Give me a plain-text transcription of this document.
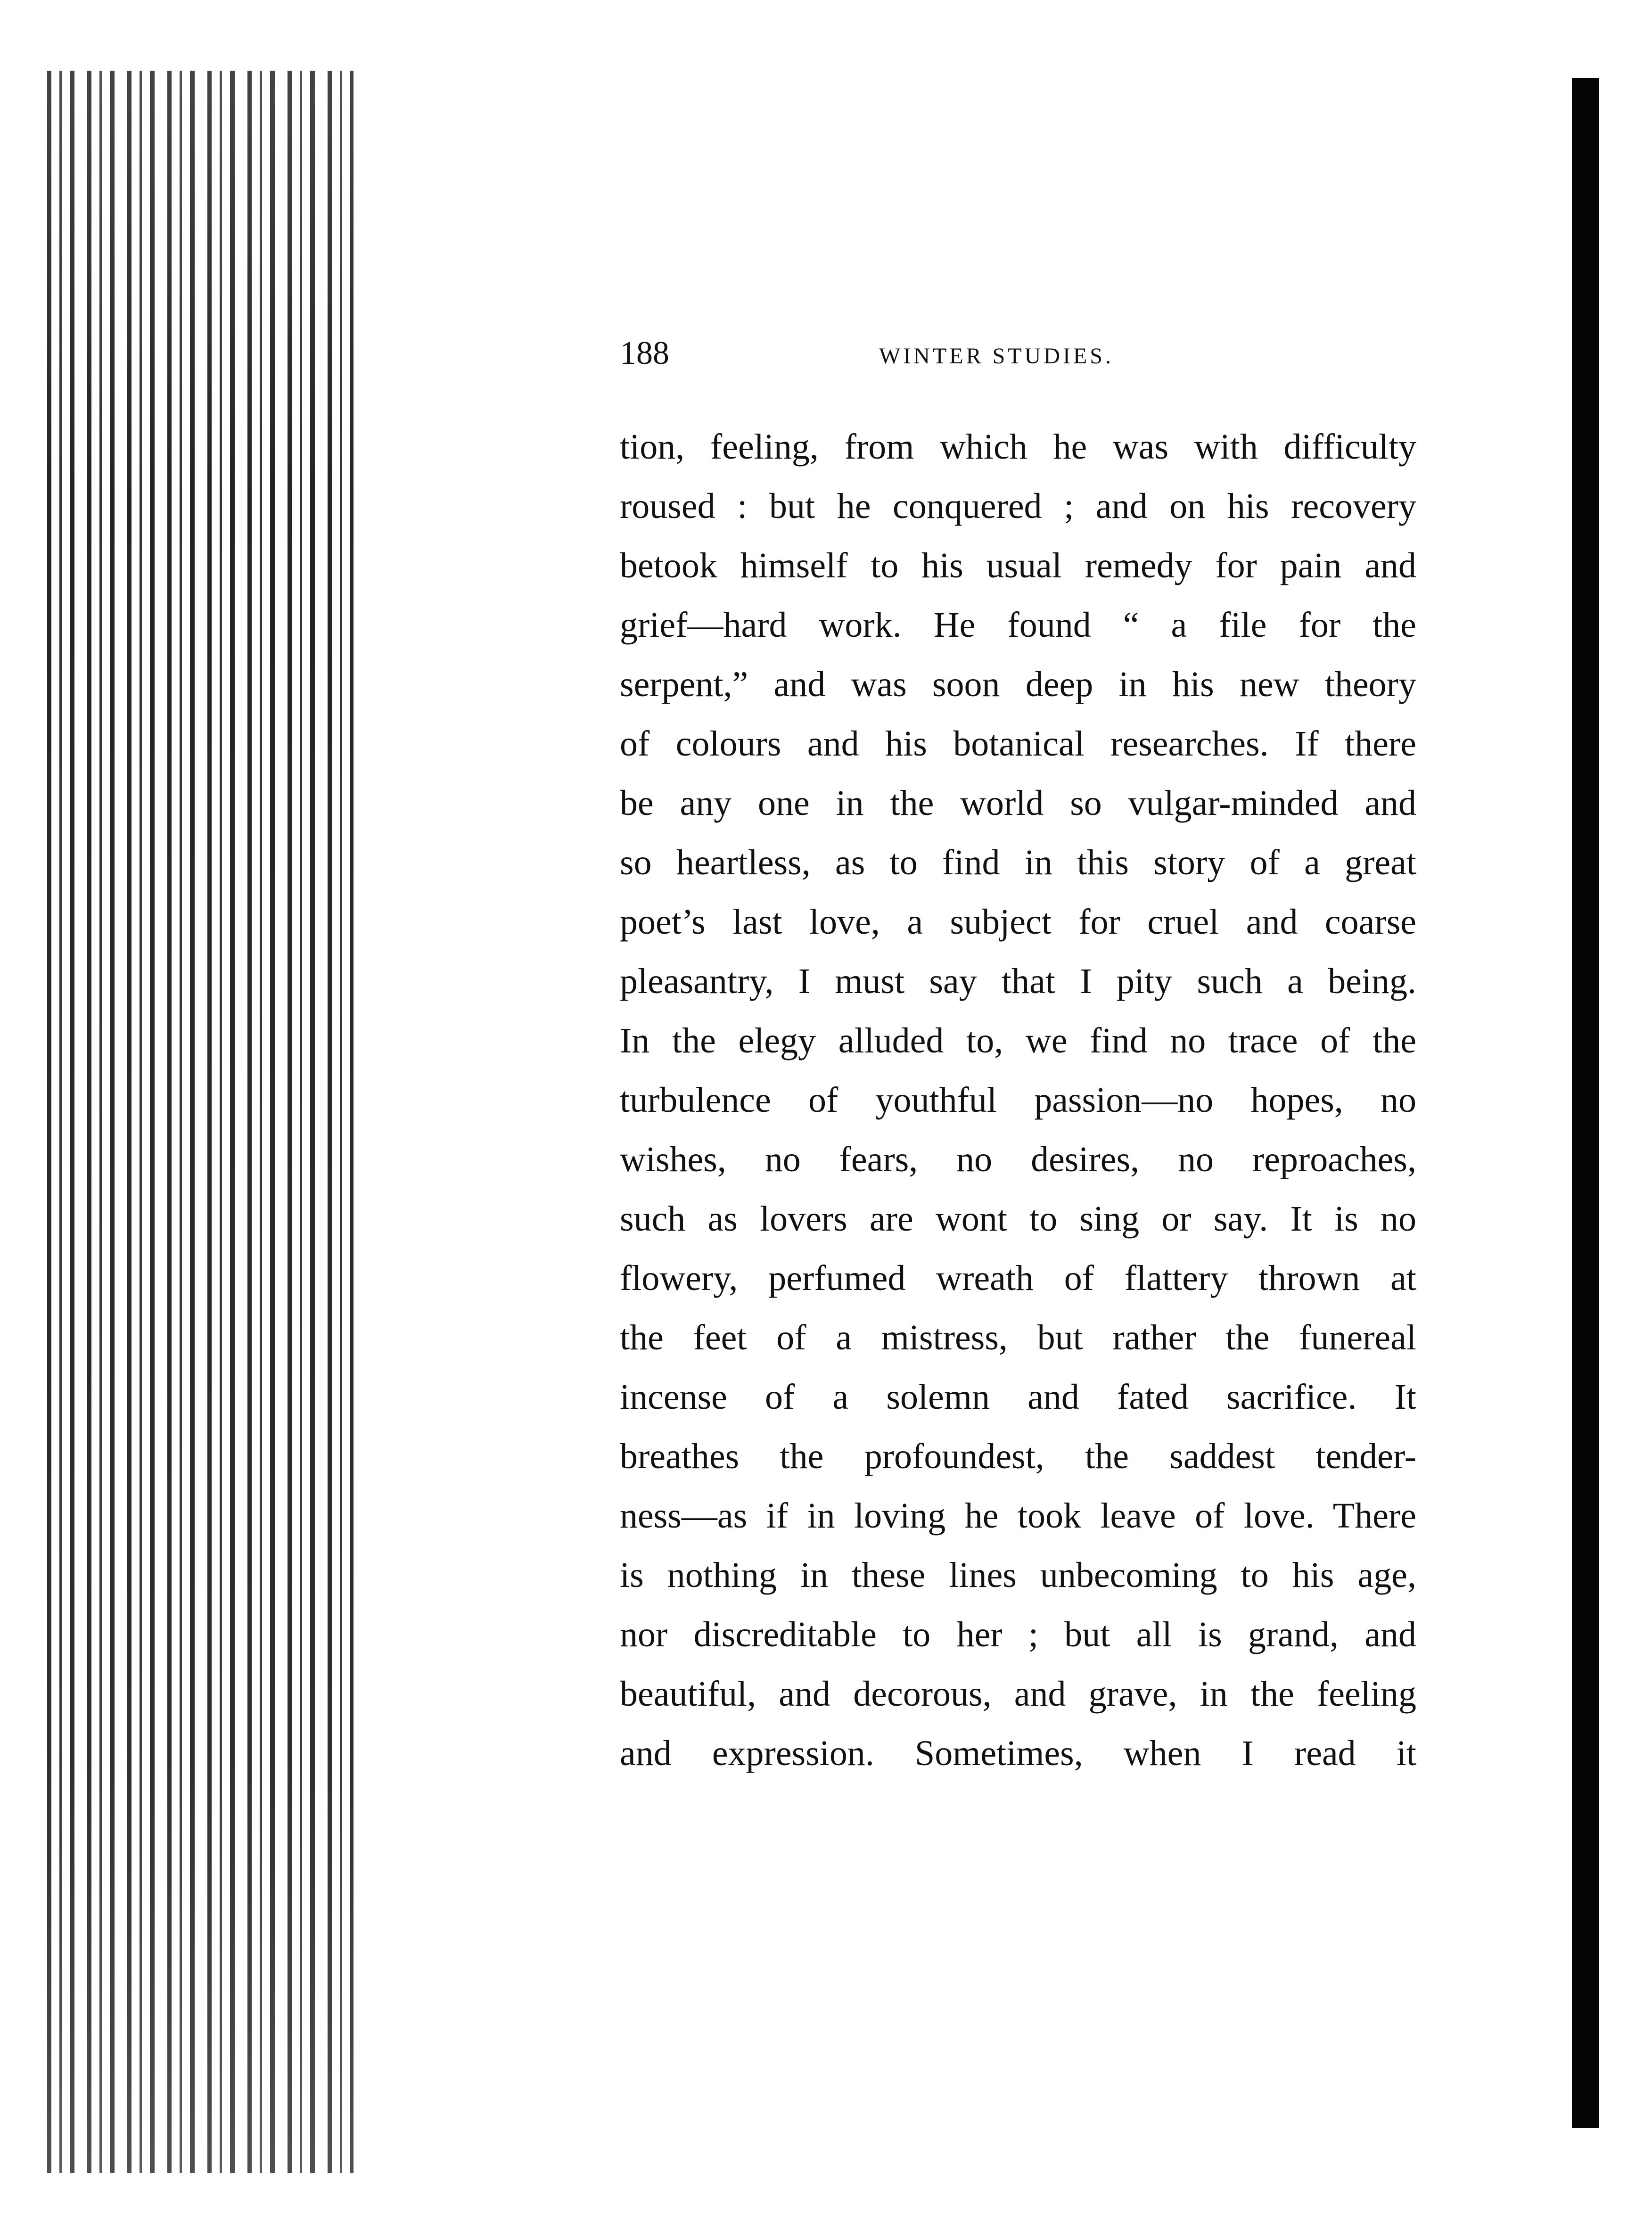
188	WINTER STUDIES.
tion, feeling, from which he was with difficulty
roused : but he conquered ; and on his recovery
betook himself to his usual remedy for pain and
grief—hard work. He found “ a file for the
serpent,” and was soon deep in his new theory
of colours and his botanical researches. If there
be any one in the world so vulgar-minded and
so heartless, as to find in this story of a great
poet’s last love, a subject for cruel and coarse
pleasantry, I must say that I pity such a being.
In the elegy alluded to, we find no trace of the
turbulence of youthful passion—no hopes, no
wishes, no fears, no desires, no reproaches,
such as lovers are wont to sing or say. It is no
flowery, perfumed wreath of flattery thrown at
the feet of a mistress, but rather the funereal
incense of a solemn and fated sacrifice. It
breathes the profoundest, the saddest tender-
ness—as if in loving he took leave of love. There
is nothing in these lines unbecoming to his age,
nor discreditable to her ; but all is grand, and
beautiful, and decorous, and grave, in the feeling
and expression. Sometimes, when I read it
